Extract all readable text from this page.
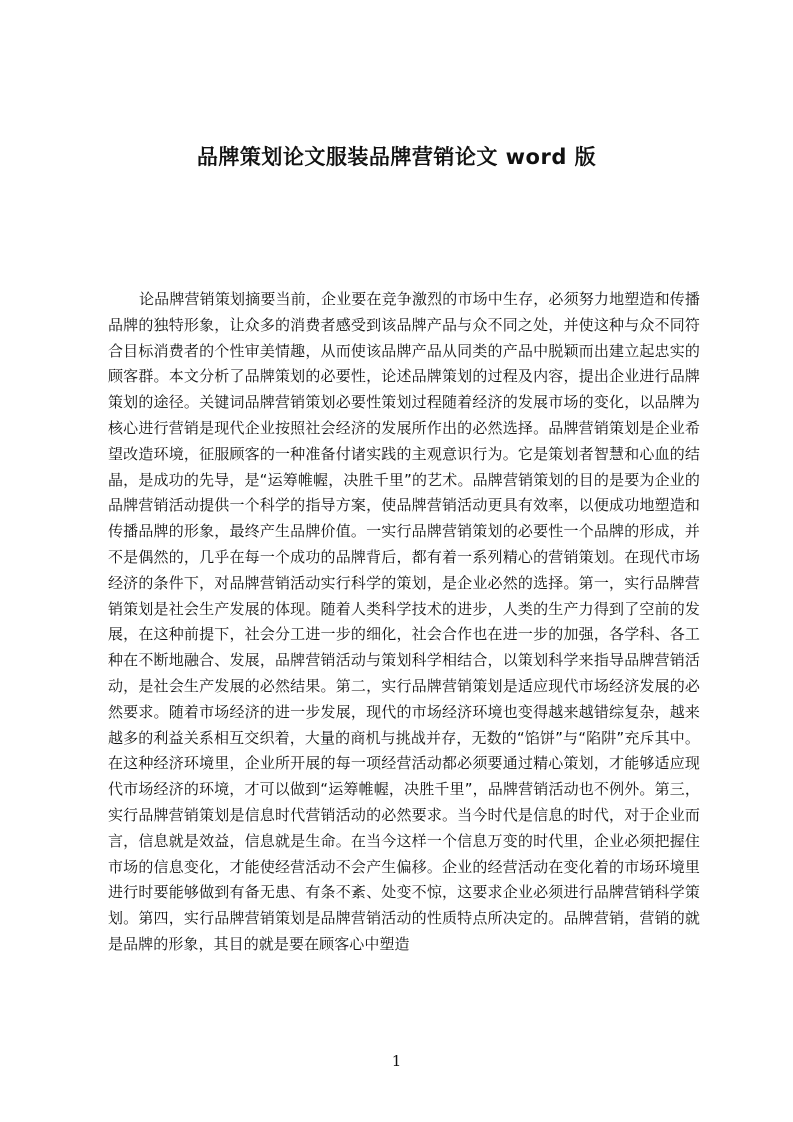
品牌策划论文服装品牌营销论文 word 版

论品牌营销策划摘要当前，企业要在竞争激烈的市场中生存，必须努力地塑造和传播品牌的独特形象，让众多的消费者感受到该品牌产品与众不同之处，并使这种与众不同符合目标消费者的个性审美情趣，从而使该品牌产品从同类的产品中脱颖而出建立起忠实的顾客群。本文分析了品牌策划的必要性，论述品牌策划的过程及内容，提出企业进行品牌策划的途径。关键词品牌营销策划必要性策划过程随着经济的发展市场的变化，以品牌为核心进行营销是现代企业按照社会经济的发展所作出的必然选择。品牌营销策划是企业希望改造环境，征服顾客的一种准备付诸实践的主观意识行为。它是策划者智慧和心血的结晶，是成功的先导，是“运筹帷幄，决胜千里”的艺术。品牌营销策划的目的是要为企业的品牌营销活动提供一个科学的指导方案，使品牌营销活动更具有效率，以便成功地塑造和传播品牌的形象，最终产生品牌价值。一实行品牌营销策划的必要性一个品牌的形成，并不是偶然的，几乎在每一个成功的品牌背后，都有着一系列精心的营销策划。在现代市场经济的条件下，对品牌营销活动实行科学的策划，是企业必然的选择。第一，实行品牌营销策划是社会生产发展的体现。随着人类科学技术的进步，人类的生产力得到了空前的发展，在这种前提下，社会分工进一步的细化，社会合作也在进一步的加强，各学科、各工种在不断地融合、发展，品牌营销活动与策划科学相结合，以策划科学来指导品牌营销活动，是社会生产发展的必然结果。第二，实行品牌营销策划是适应现代市场经济发展的必然要求。随着市场经济的进一步发展，现代的市场经济环境也变得越来越错综复杂，越来越多的利益关系相互交织着，大量的商机与挑战并存，无数的“馅饼”与“陷阱”充斥其中。在这种经济环境里，企业所开展的每一项经营活动都必须要通过精心策划，才能够适应现代市场经济的环境，才可以做到“运筹帷幄，决胜千里”，品牌营销活动也不例外。第三，实行品牌营销策划是信息时代营销活动的必然要求。当今时代是信息的时代，对于企业而言，信息就是效益，信息就是生命。在当今这样一个信息万变的时代里，企业必须把握住市场的信息变化，才能使经营活动不会产生偏移。企业的经营活动在变化着的市场环境里进行时要能够做到有备无患、有条不紊、处变不惊，这要求企业必须进行品牌营销科学策划。第四，实行品牌营销策划是品牌营销活动的性质特点所决定的。品牌营销，营销的就是品牌的形象，其目的就是要在顾客心中塑造

1
